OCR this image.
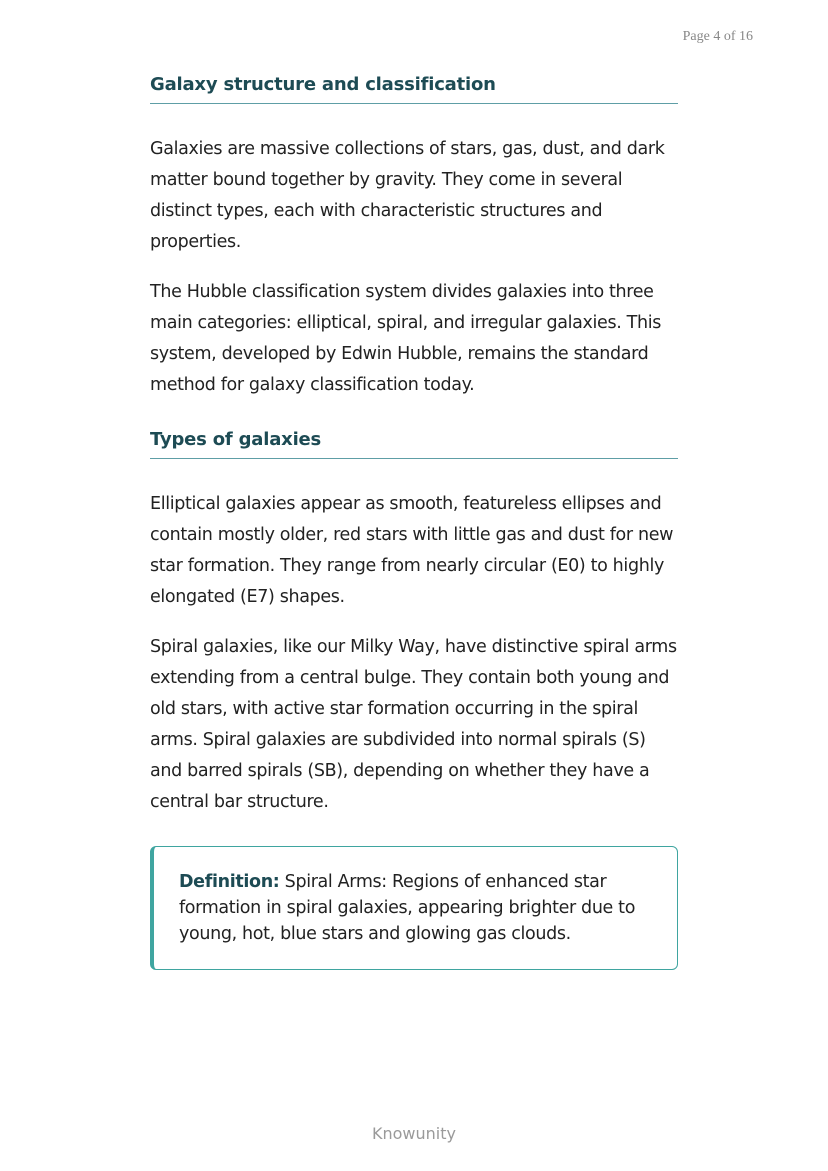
Page 4 of 16
Galaxy structure and classification

Galaxies are massive collections of stars, gas, dust, and dark matter bound together by gravity. They come in several distinct types, each with characteristic structures and properties.

The Hubble classification system divides galaxies into three main categories: elliptical, spiral, and irregular galaxies. This system, developed by Edwin Hubble, remains the standard method for galaxy classification today.

Types of galaxies

Elliptical galaxies appear as smooth, featureless ellipses and contain mostly older, red stars with little gas and dust for new star formation. They range from nearly circular (E0) to highly elongated (E7) shapes.

Spiral galaxies, like our Milky Way, have distinctive spiral arms extending from a central bulge. They contain both young and old stars, with active star formation occurring in the spiral arms. Spiral galaxies are subdivided into normal spirals (S) and barred spirals (SB), depending on whether they have a central bar structure.

Definition: Spiral Arms: Regions of enhanced star formation in spiral galaxies, appearing brighter due to young, hot, blue stars and glowing gas clouds.
Knowunity
